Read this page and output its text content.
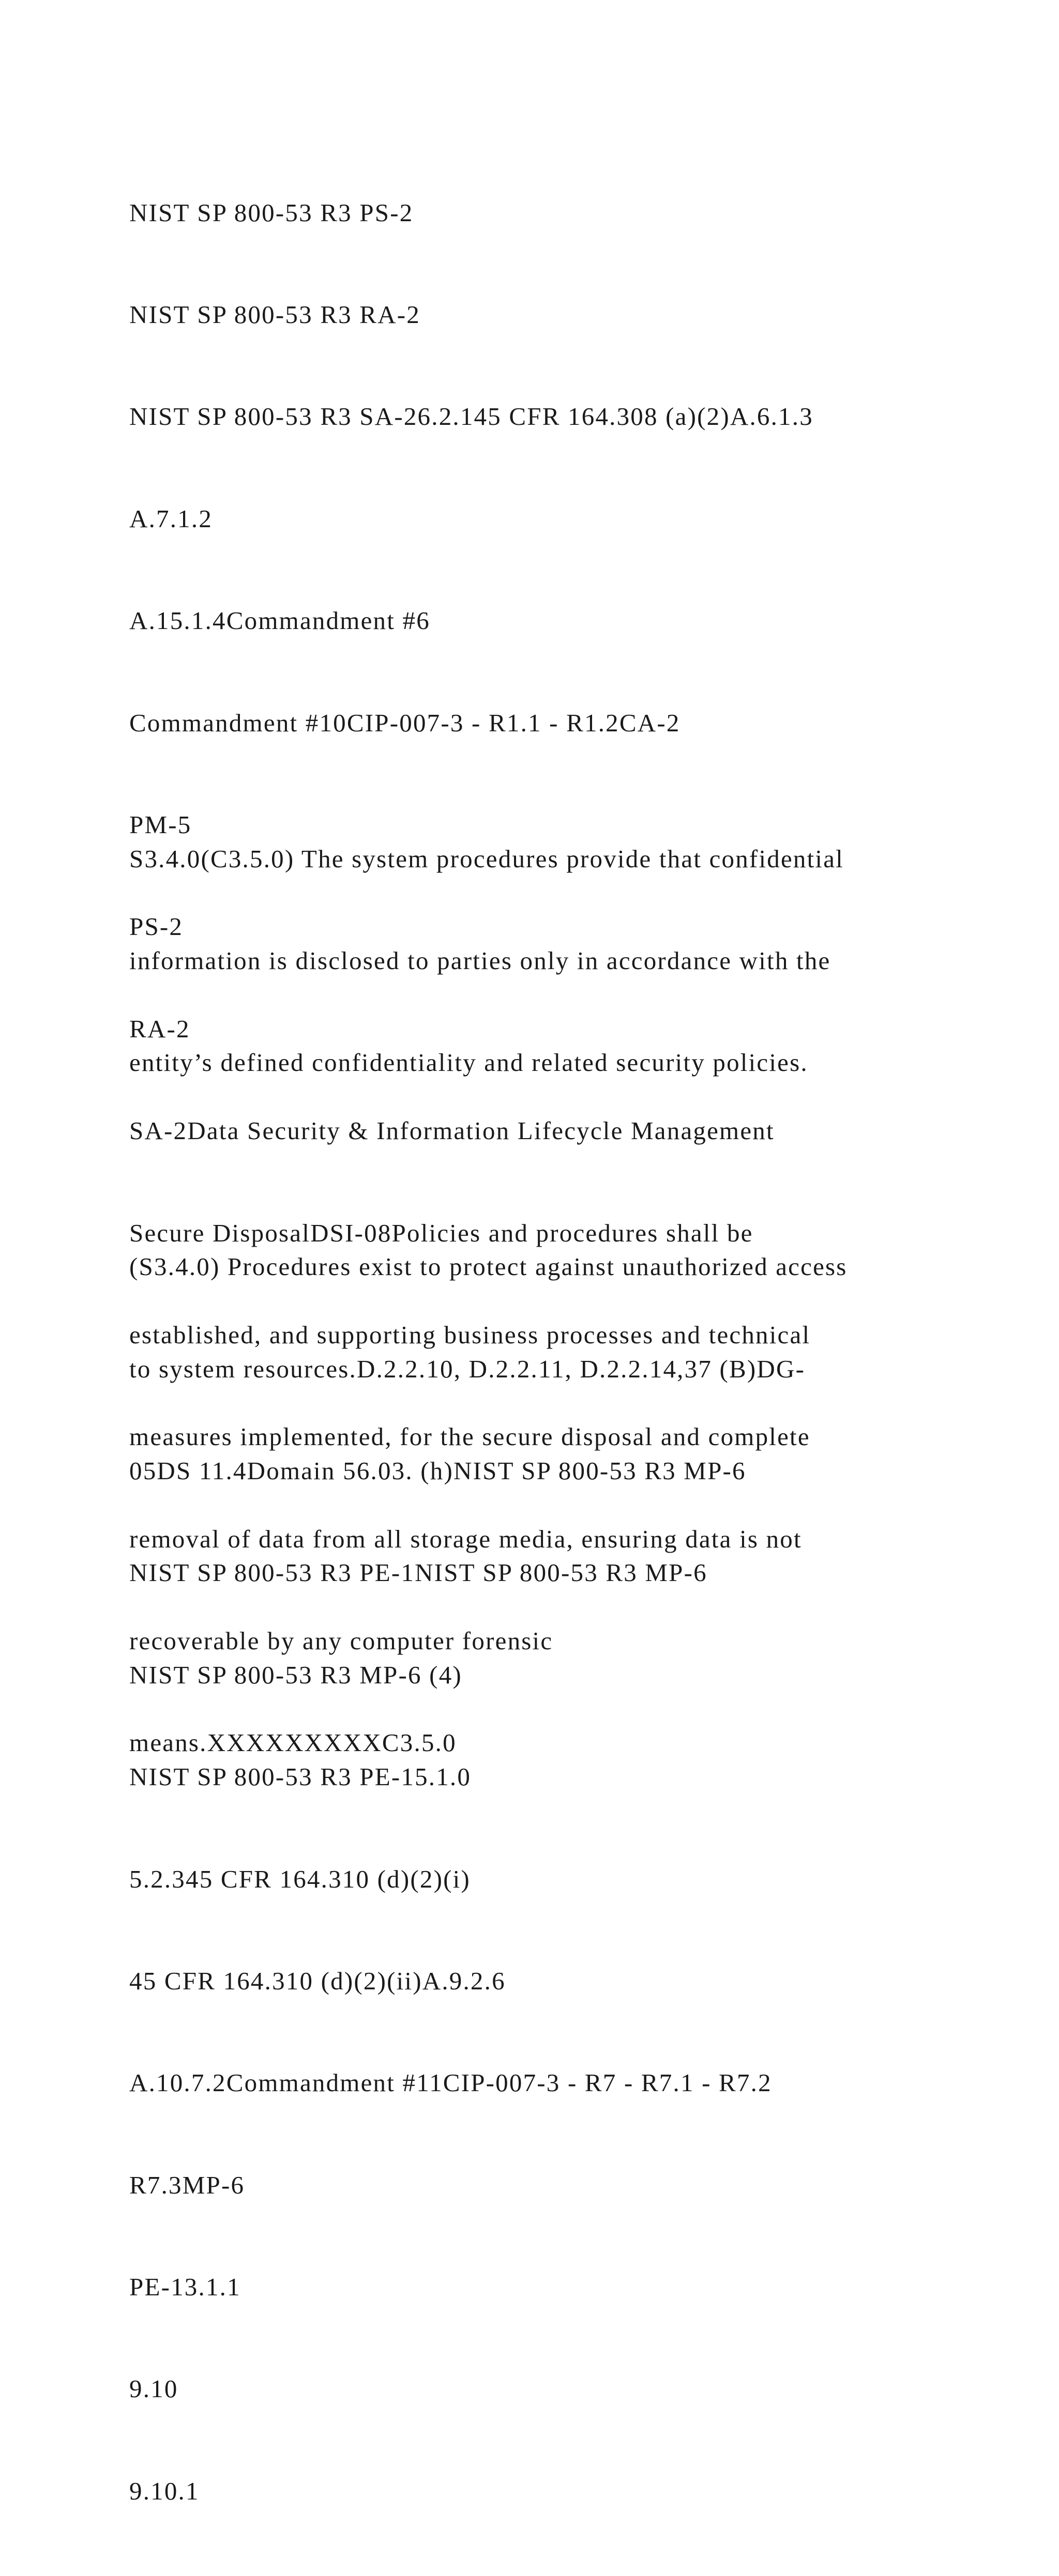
NIST SP 800-53 R3 PS-2

NIST SP 800-53 R3 RA-2

NIST SP 800-53 R3 SA-26.2.145 CFR 164.308 (a)(2)A.6.1.3

A.7.1.2

A.15.1.4Commandment #6

Commandment #10CIP-007-3 - R1.1 - R1.2CA-2

PM-5

PS-2

RA-2

SA-2Data Security & Information Lifecycle Management

Secure DisposalDSI-08Policies and procedures shall be

established, and supporting business processes and technical

measures implemented, for the secure disposal and complete

removal of data from all storage media, ensuring data is not

recoverable by any computer forensic

means.XXXXXXXXXC3.5.0

S3.4.0(C3.5.0) The system procedures provide that confidential

information is disclosed to parties only in accordance with the

entity’s defined confidentiality and related security policies.

(S3.4.0) Procedures exist to protect against unauthorized access

to system resources.D.2.2.10, D.2.2.11, D.2.2.14,37 (B)DG-

05DS 11.4Domain 56.03. (h)NIST SP 800-53 R3 MP-6

NIST SP 800-53 R3 PE-1NIST SP 800-53 R3 MP-6

NIST SP 800-53 R3 MP-6 (4)

NIST SP 800-53 R3 PE-15.1.0

5.2.345 CFR 164.310 (d)(2)(i)

45 CFR 164.310 (d)(2)(ii)A.9.2.6

A.10.7.2Commandment #11CIP-007-3 - R7 - R7.1 - R7.2

R7.3MP-6

PE-13.1.1

9.10

9.10.1
